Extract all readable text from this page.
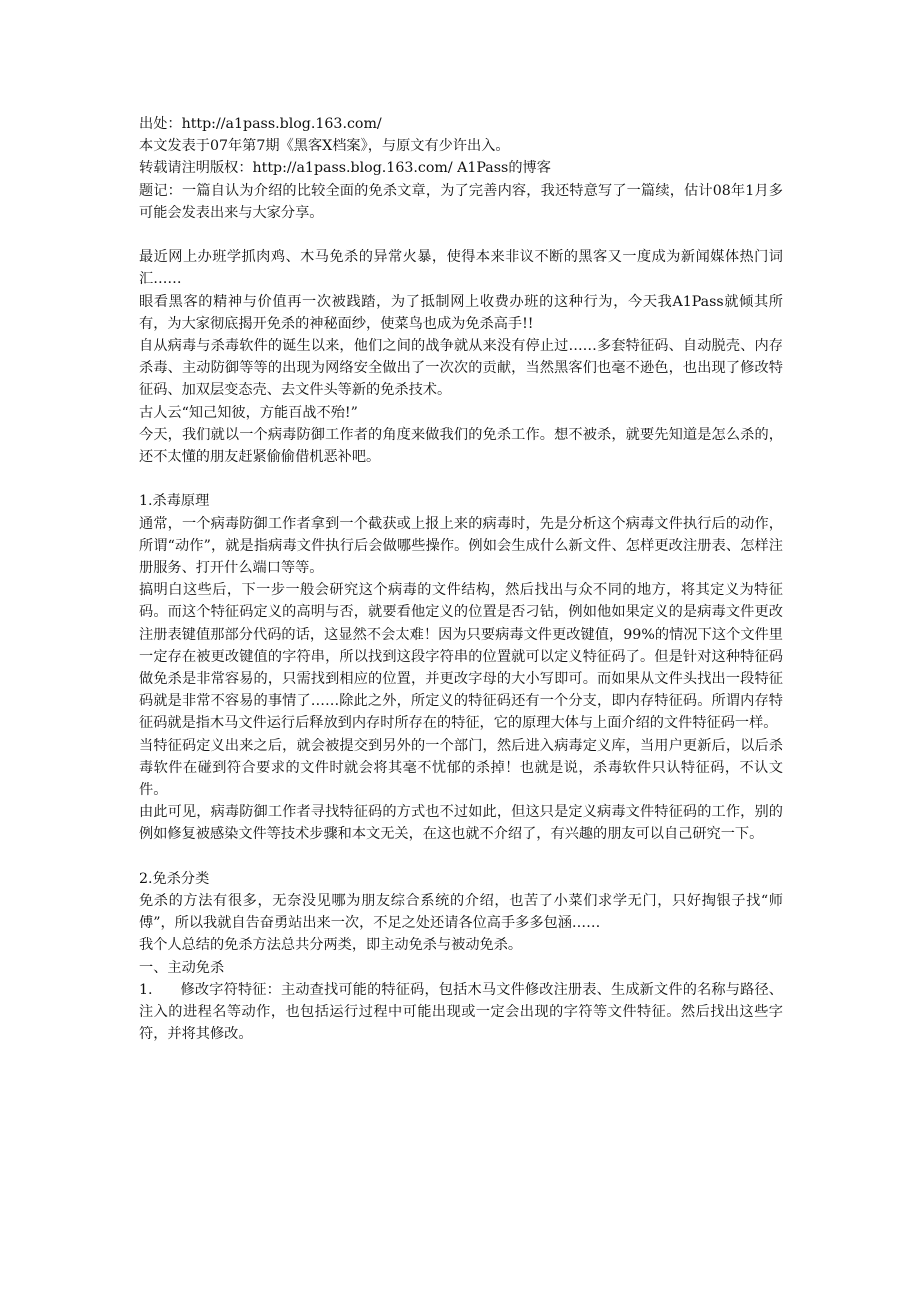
出处：http://a1pass.blog.163.com/

本文发表于07年第7期《黑客X档案》，与原文有少许出入。

转载请注明版权：http://a1pass.blog.163.com/ A1Pass的博客

题记：一篇自认为介绍的比较全面的免杀文章，为了完善内容，我还特意写了一篇续，估计08年1月多可能会发表出来与大家分享。

最近网上办班学抓肉鸡、木马免杀的异常火暴，使得本来非议不断的黑客又一度成为新闻媒体热门词汇……

眼看黑客的精神与价值再一次被践踏，为了抵制网上收费办班的这种行为，今天我A1Pass就倾其所有，为大家彻底揭开免杀的神秘面纱，使菜鸟也成为免杀高手!!

自从病毒与杀毒软件的诞生以来，他们之间的战争就从来没有停止过……多套特征码、自动脱壳、内存杀毒、主动防御等等的出现为网络安全做出了一次次的贡献，当然黑客们也毫不逊色，也出现了修改特征码、加双层变态壳、去文件头等新的免杀技术。

古人云“知己知彼，方能百战不殆!”

今天，我们就以一个病毒防御工作者的角度来做我们的免杀工作。想不被杀，就要先知道是怎么杀的，还不太懂的朋友赶紧偷偷借机恶补吧。

1.杀毒原理

通常，一个病毒防御工作者拿到一个截获或上报上来的病毒时，先是分析这个病毒文件执行后的动作，所谓“动作”，就是指病毒文件执行后会做哪些操作。例如会生成什么新文件、怎样更改注册表、怎样注册服务、打开什么端口等等。

搞明白这些后，下一步一般会研究这个病毒的文件结构，然后找出与众不同的地方，将其定义为特征码。而这个特征码定义的高明与否，就要看他定义的位置是否刁钻，例如他如果定义的是病毒文件更改注册表键值那部分代码的话，这显然不会太难！因为只要病毒文件更改键值，99%的情况下这个文件里一定存在被更改键值的字符串，所以找到这段字符串的位置就可以定义特征码了。但是针对这种特征码做免杀是非常容易的，只需找到相应的位置，并更改字母的大小写即可。而如果从文件头找出一段特征码就是非常不容易的事情了……除此之外，所定义的特征码还有一个分支，即内存特征码。所谓内存特征码就是指木马文件运行后释放到内存时所存在的特征，它的原理大体与上面介绍的文件特征码一样。

当特征码定义出来之后，就会被提交到另外的一个部门，然后进入病毒定义库，当用户更新后，以后杀毒软件在碰到符合要求的文件时就会将其毫不忧郁的杀掉！也就是说，杀毒软件只认特征码，不认文件。

由此可见，病毒防御工作者寻找特征码的方式也不过如此，但这只是定义病毒文件特征码的工作，别的例如修复被感染文件等技术步骤和本文无关，在这也就不介绍了，有兴趣的朋友可以自己研究一下。

2.免杀分类

免杀的方法有很多，无奈没见哪为朋友综合系统的介绍，也苦了小菜们求学无门，只好掏银子找“师傅”，所以我就自告奋勇站出来一次，不足之处还请各位高手多多包涵……

我个人总结的免杀方法总共分两类，即主动免杀与被动免杀。

一、主动免杀

1.      修改字符特征：主动查找可能的特征码，包括木马文件修改注册表、生成新文件的名称与路径、注入的进程名等动作，也包括运行过程中可能出现或一定会出现的字符等文件特征。然后找出这些字符，并将其修改。
